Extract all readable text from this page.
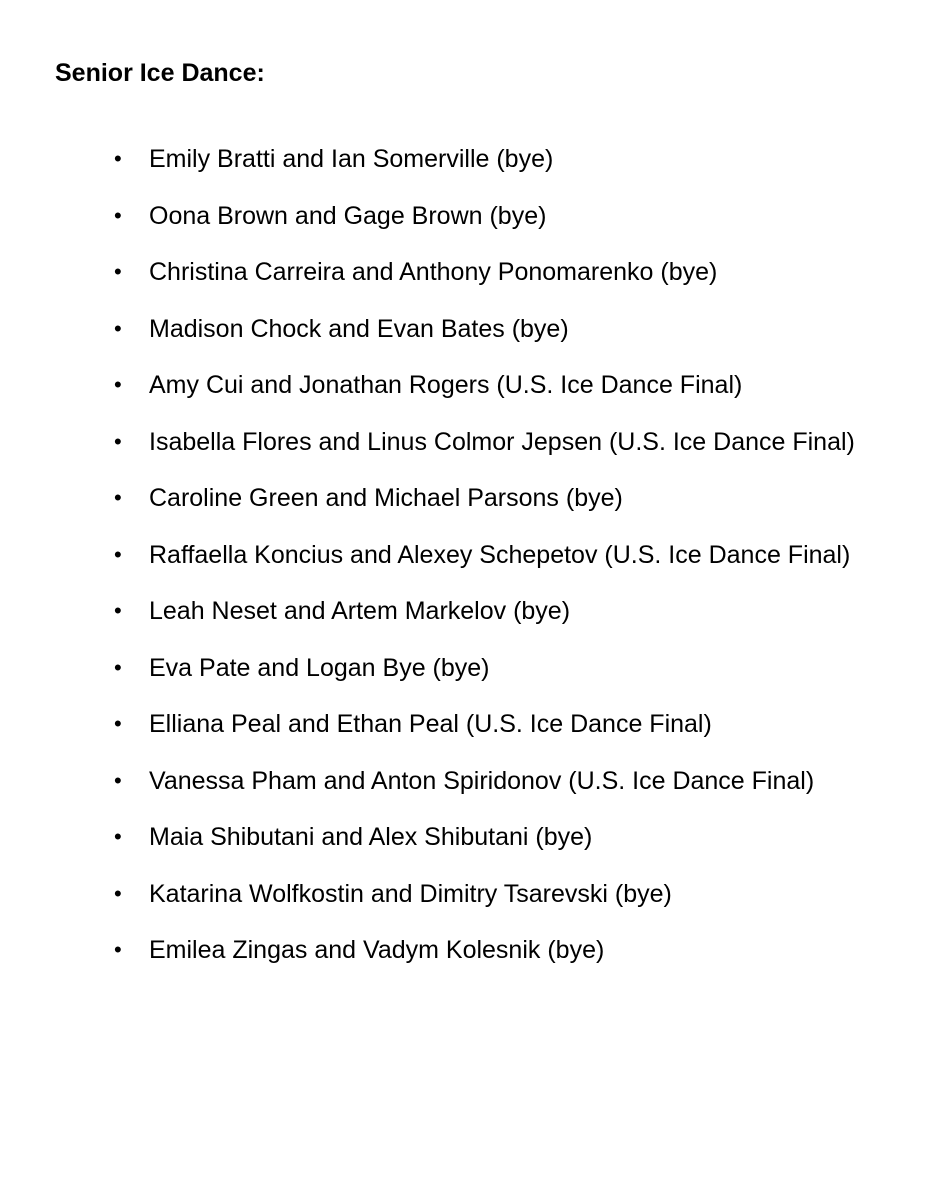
Senior Ice Dance:
• Emily Bratti and Ian Somerville (bye)
• Oona Brown and Gage Brown (bye)
• Christina Carreira and Anthony Ponomarenko (bye)
• Madison Chock and Evan Bates (bye)
• Amy Cui and Jonathan Rogers (U.S. Ice Dance Final)
• Isabella Flores and Linus Colmor Jepsen (U.S. Ice Dance Final)
• Caroline Green and Michael Parsons (bye)
• Raffaella Koncius and Alexey Schepetov (U.S. Ice Dance Final)
• Leah Neset and Artem Markelov (bye)
• Eva Pate and Logan Bye (bye)
• Elliana Peal and Ethan Peal (U.S. Ice Dance Final)
• Vanessa Pham and Anton Spiridonov (U.S. Ice Dance Final)
• Maia Shibutani and Alex Shibutani (bye)
• Katarina Wolfkostin and Dimitry Tsarevski (bye)
• Emilea Zingas and Vadym Kolesnik (bye)
